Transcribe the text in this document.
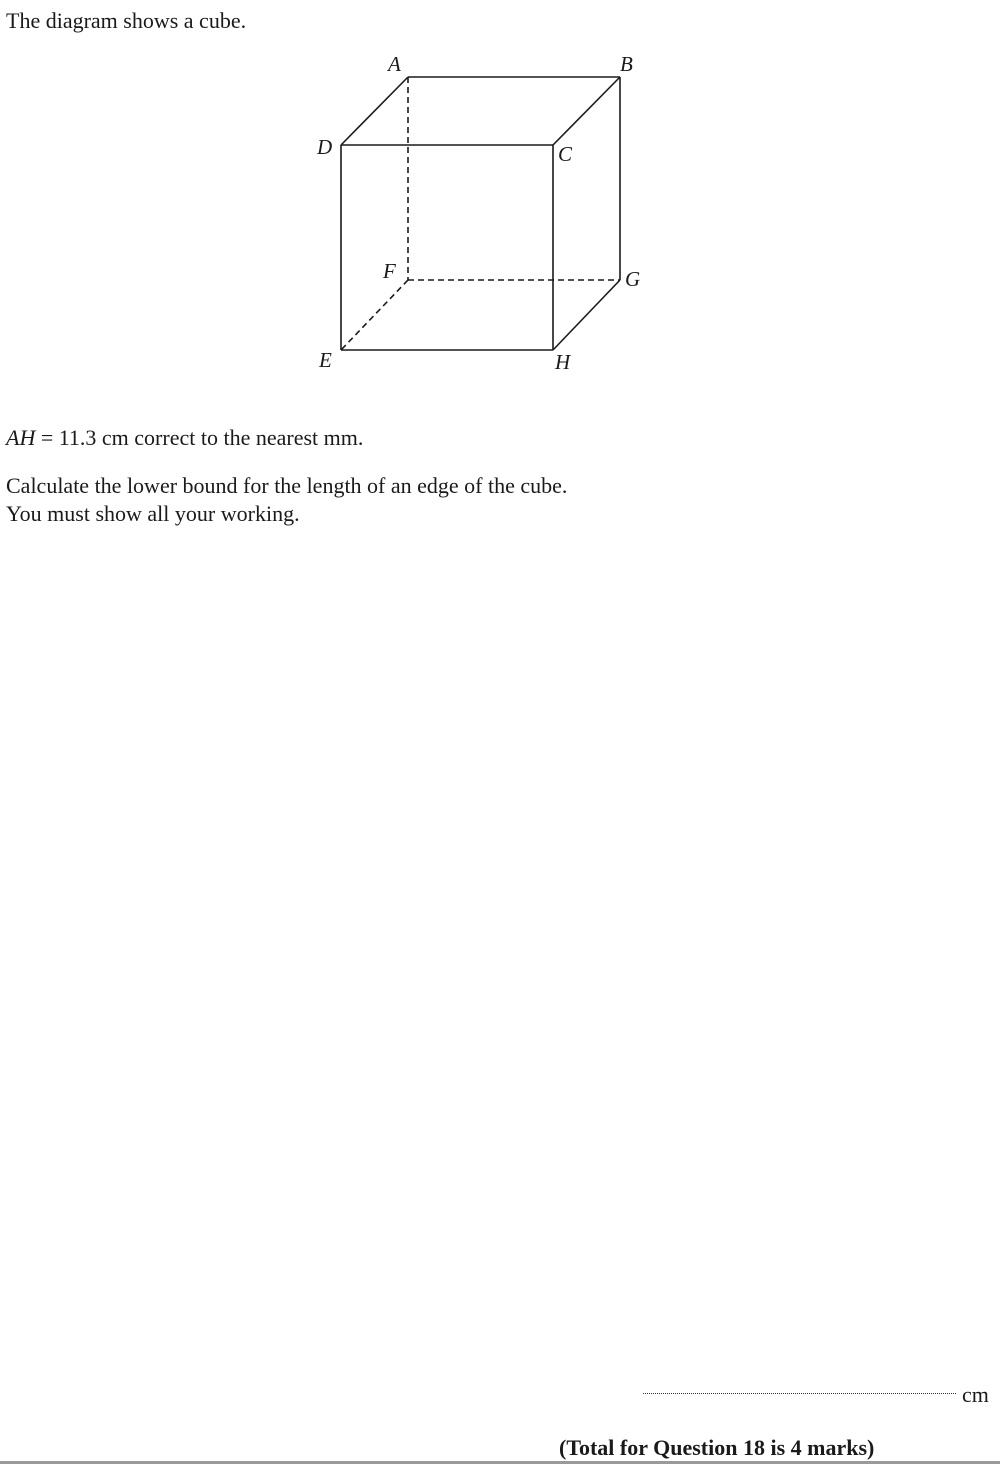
The diagram shows a cube.
A	B
C
D
E
F	G
H
AH = 11.3 cm correct to the nearest mm.
Calculate the lower bound for the length of an edge of the cube.
You must show all your working.
cm
(Total for Question 18 is 4 marks)
